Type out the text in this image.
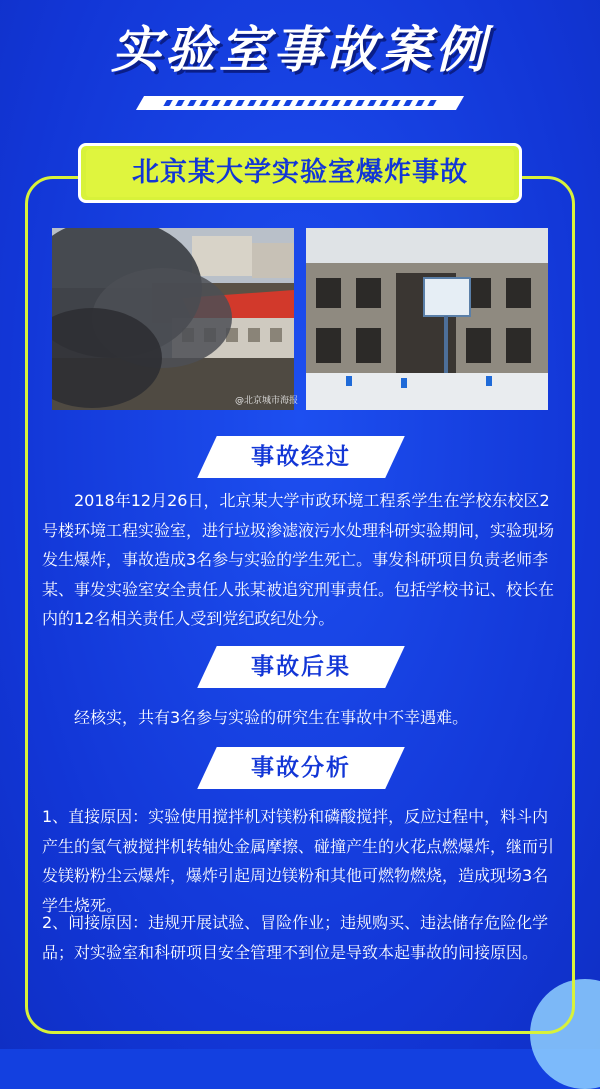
实验室事故案例
北京某大学实验室爆炸事故
@北京城市海报
事故经过

2018年12月26日，北京某大学市政环境工程系学生在学校东校区2号楼环境工程实验室，进行垃圾渗滤液污水处理科研实验期间，实验现场发生爆炸，事故造成3名参与实验的学生死亡。事发科研项目负责老师李某、事发实验室安全责任人张某被追究刑事责任。包括学校书记、校长在内的12名相关责任人受到党纪政纪处分。

事故后果

经核实，共有3名参与实验的研究生在事故中不幸遇难。

事故分析

1、直接原因：实验使用搅拌机对镁粉和磷酸搅拌，反应过程中，料斗内产生的氢气被搅拌机转轴处金属摩擦、碰撞产生的火花点燃爆炸，继而引发镁粉粉尘云爆炸，爆炸引起周边镁粉和其他可燃物燃烧，造成现场3名学生烧死。

2、间接原因：违规开展试验、冒险作业；违规购买、违法储存危险化学品；对实验室和科研项目安全管理不到位是导致本起事故的间接原因。
